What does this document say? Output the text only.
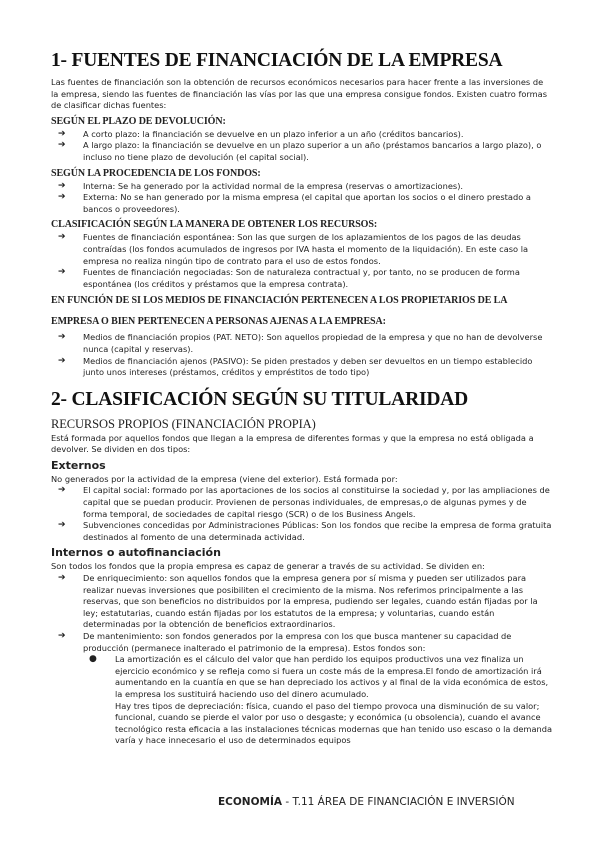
1- FUENTES DE FINANCIACIÓN DE LA EMPRESA

Las fuentes de financiación son la obtención de recursos económicos necesarios para hacer frente a las inversiones de la empresa, siendo las fuentes de financiación las vías por las que una empresa consigue fondos. Existen cuatro formas de clasificar dichas fuentes:

SEGÚN EL PLAZO DE DEVOLUCIÓN:
➔ A corto plazo: la financiación se devuelve en un plazo inferior a un año (créditos bancarios).
➔ A largo plazo: la financiación se devuelve en un plazo superior a un año (préstamos bancarios a largo plazo), o incluso no tiene plazo de devolución (el capital social).
SEGÚN LA PROCEDENCIA DE LOS FONDOS:
➔ Interna: Se ha generado por la actividad normal de la empresa (reservas o amortizaciones).
➔ Externa: No se han generado por la misma empresa (el capital que aportan los socios o el dinero prestado a bancos o proveedores).
CLASIFICACIÓN SEGÚN LA MANERA DE OBTENER LOS RECURSOS:
➔ Fuentes de financiación espontánea: Son las que surgen de los aplazamientos de los pagos de las deudas contraídas (los fondos acumulados de ingresos por IVA hasta el momento de la liquidación). En este caso la empresa no realiza ningún tipo de contrato para el uso de estos fondos.
➔ Fuentes de financiación negociadas: Son de naturaleza contractual y, por tanto, no se producen de forma espontánea (los créditos y préstamos que la empresa contrata).
EN FUNCIÓN DE SI LOS MEDIOS DE FINANCIACIÓN PERTENECEN A LOS PROPIETARIOS DE LA EMPRESA O BIEN PERTENECEN A PERSONAS AJENAS A LA EMPRESA:
➔ Medios de financiación propios (PAT. NETO): Son aquellos propiedad de la empresa y que no han de devolverse nunca (capital y reservas).
➔ Medios de financiación ajenos (PASIVO): Se piden prestados y deben ser devueltos en un tiempo establecido junto unos intereses (préstamos, créditos y empréstitos de todo tipo)
2- CLASIFICACIÓN SEGÚN SU TITULARIDAD
RECURSOS PROPIOS (FINANCIACIÓN PROPIA)

Está formada por aquellos fondos que llegan a la empresa de diferentes formas y que la empresa no está obligada a devolver. Se dividen en dos tipos:

Externos

No generados por la actividad de la empresa (viene del exterior). Está formada por:

➔ El capital social: formado por las aportaciones de los socios al constituirse la sociedad y, por las ampliaciones de capital que se puedan producir. Provienen de personas individuales, de empresas,o de algunas pymes y de forma temporal, de sociedades de capital riesgo (SCR) o de los Business Angels.
➔ Subvenciones concedidas por Administraciones Públicas: Son los fondos que recibe la empresa de forma gratuita destinados al fomento de una determinada actividad.
Internos o autofinanciación

Son todos los fondos que la propia empresa es capaz de generar a través de su actividad. Se dividen en:

➔ De enriquecimiento: son aquellos fondos que la empresa genera por sí misma y pueden ser utilizados para realizar nuevas inversiones que posibiliten el crecimiento de la misma. Nos referimos principalmente a las reservas, que son beneficios no distribuidos por la empresa, pudiendo ser legales, cuando están fijadas por la ley; estatutarias, cuando están fijadas por los estatutos de la empresa; y voluntarias, cuando están determinadas por la obtención de beneficios extraordinarios.
➔ De mantenimiento: son fondos generados por la empresa con los que busca mantener su capacidad de producción (permanece inalterado el patrimonio de la empresa). Estos fondos son:
● La amortización es el cálculo del valor que han perdido los equipos productivos una vez finaliza un ejercicio económico y se refleja como si fuera un coste más de la empresa.El fondo de amortización irá aumentando en la cuantía en que se han depreciado los activos y al final de la vida económica de estos, la empresa los sustituirá haciendo uso del dinero acumulado.
Hay tres tipos de depreciación: física, cuando el paso del tiempo provoca una disminución de su valor; funcional, cuando se pierde el valor por uso o desgaste; y económica (u obsolencia), cuando el avance tecnológico resta eficacia a las instalaciones técnicas modernas que han tenido uso escaso o la demanda varía y hace innecesario el uso de determinados equipos
ECONOMÍA - T.11 ÁREA DE FINANCIACIÓN E INVERSIÓN
